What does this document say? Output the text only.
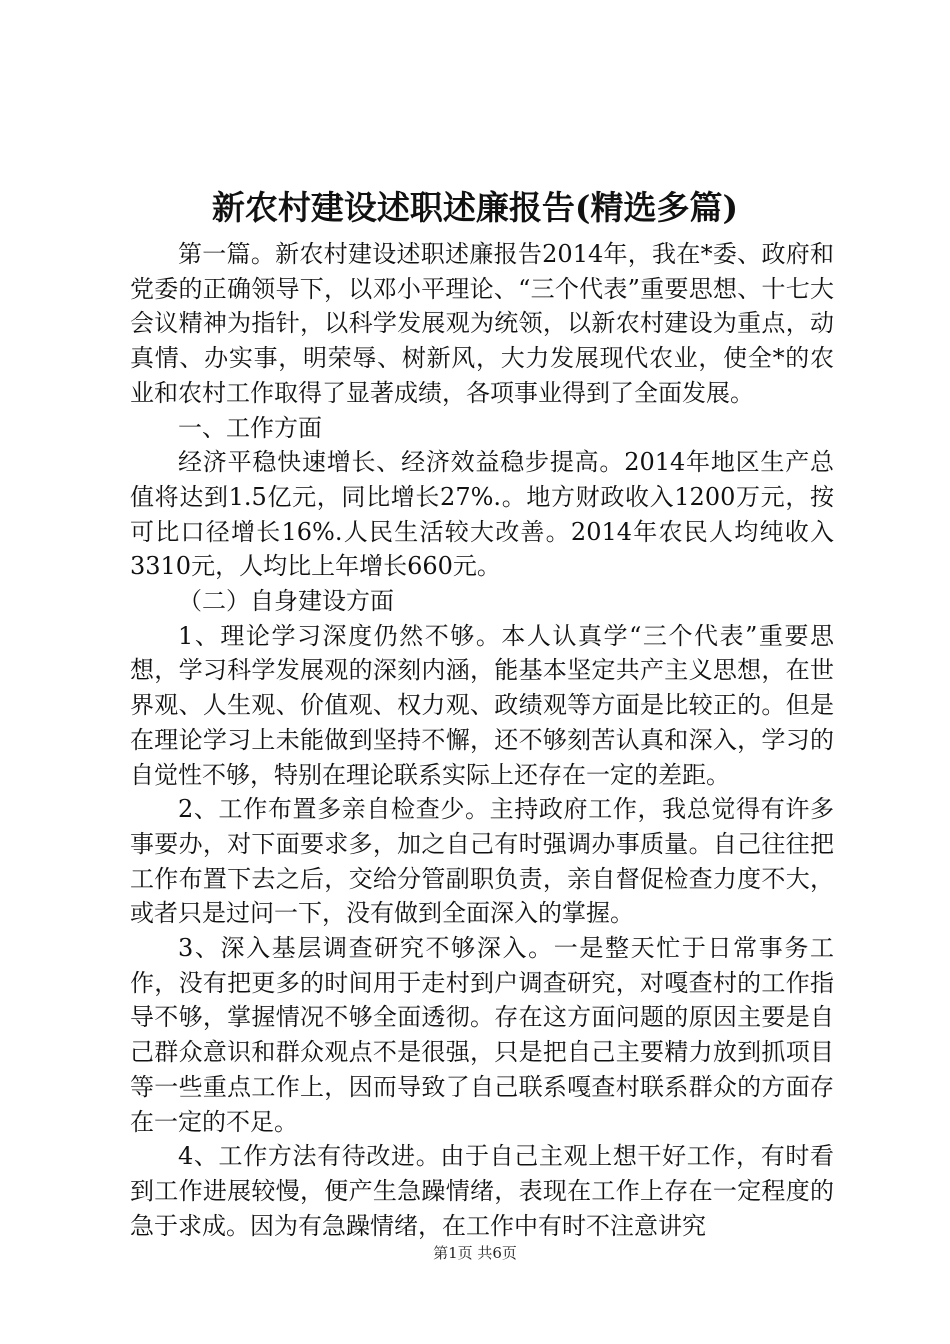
新农村建设述职述廉报告(精选多篇)

第一篇。新农村建设述职述廉报告2014年，我在*委、政府和党委的正确领导下，以邓小平理论、“三个代表”重要思想、十七大会议精神为指针，以科学发展观为统领，以新农村建设为重点，动真情、办实事，明荣辱、树新风，大力发展现代农业，使全*的农业和农村工作取得了显著成绩，各项事业得到了全面发展。

一、工作方面

经济平稳快速增长、经济效益稳步提高。2014年地区生产总值将达到1.5亿元，同比增长27%.。地方财政收入1200万元，按可比口径增长16%.人民生活较大改善。2014年农民人均纯收入3310元，人均比上年增长660元。

（二）自身建设方面

1、理论学习深度仍然不够。本人认真学“三个代表”重要思想，学习科学发展观的深刻内涵，能基本坚定共产主义思想，在世界观、人生观、价值观、权力观、政绩观等方面是比较正的。但是在理论学习上未能做到坚持不懈，还不够刻苦认真和深入，学习的自觉性不够，特别在理论联系实际上还存在一定的差距。

2、工作布置多亲自检查少。主持政府工作，我总觉得有许多事要办，对下面要求多，加之自己有时强调办事质量。自己往往把工作布置下去之后，交给分管副职负责，亲自督促检查力度不大，或者只是过问一下，没有做到全面深入的掌握。

3、深入基层调查研究不够深入。一是整天忙于日常事务工作，没有把更多的时间用于走村到户调查研究，对嘎查村的工作指导不够，掌握情况不够全面透彻。存在这方面问题的原因主要是自己群众意识和群众观点不是很强，只是把自己主要精力放到抓项目等一些重点工作上，因而导致了自己联系嘎查村联系群众的方面存在一定的不足。

4、工作方法有待改进。由于自己主观上想干好工作，有时看到工作进展较慢，便产生急躁情绪，表现在工作上存在一定程度的急于求成。因为有急躁情绪，在工作中有时不注意讲究

第1页 共6页
